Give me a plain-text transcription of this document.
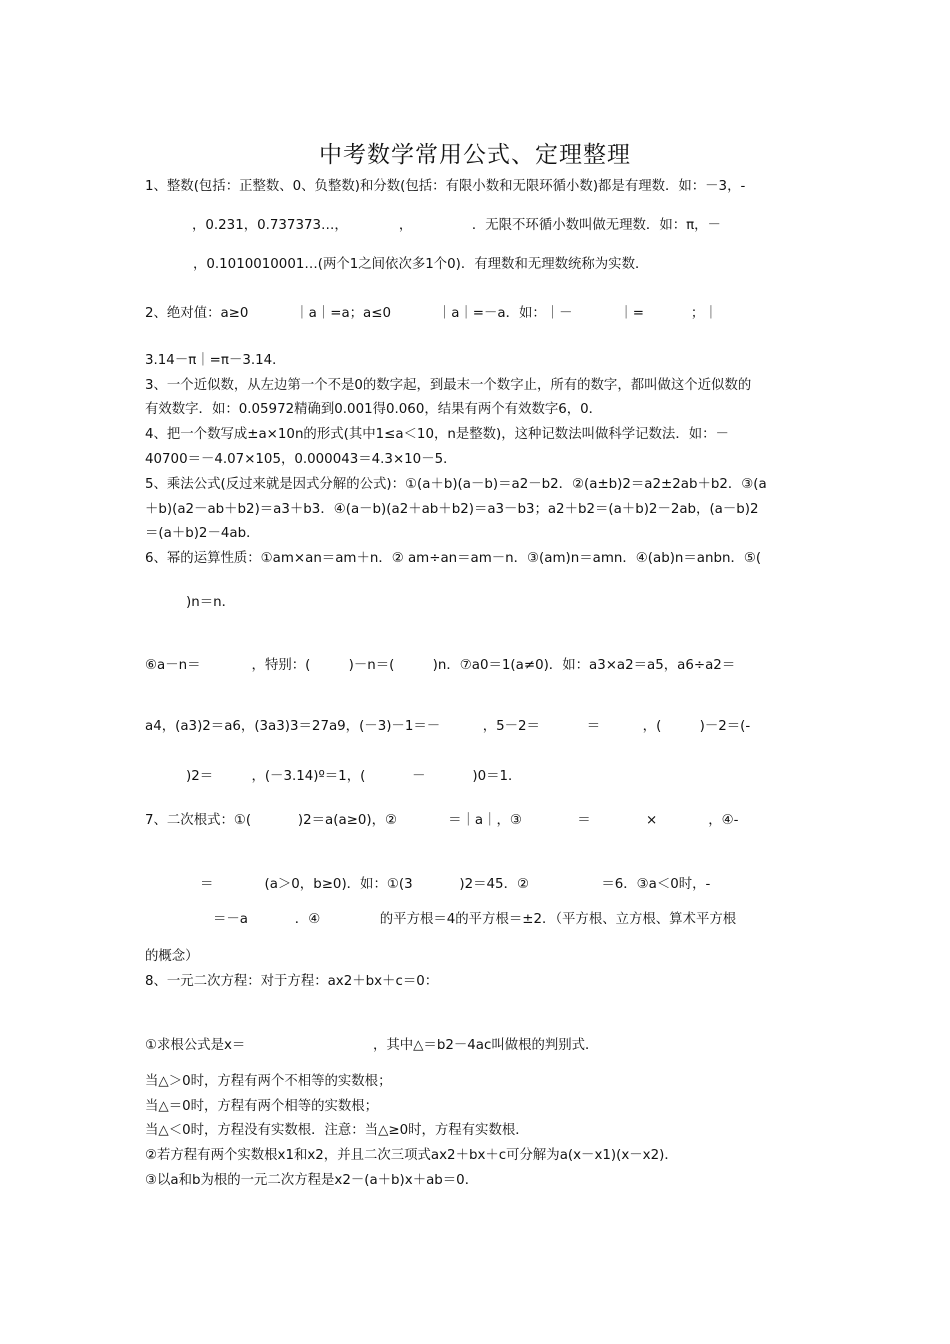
中考数学常用公式、定理整理
1、整数(包括：正整数、0、负整数)和分数(包括：有限小数和无限环循小数)都是有理数．如：－3，-
，0.231，0.737373…，            ，              ．无限不环循小数叫做无理数．如：π，－
，0.1010010001…(两个1之间依次多1个0)．有理数和无理数统称为实数．
2、绝对值：a≥0           ｜a｜=a；a≤0           ｜a｜=－a．如：｜－           ｜=           ；｜
3.14－π｜=π－3.14．
3、一个近似数，从左边第一个不是0的数字起，到最末一个数字止，所有的数字，都叫做这个近似数的
有效数字．如：0.05972精确到0.001得0.060，结果有两个有效数字6，0．
4、把一个数写成±a×10n的形式(其中1≤a＜10，n是整数)，这种记数法叫做科学记数法．如：－
40700＝－4.07×105，0.000043＝4.3×10－5．
5、乘法公式(反过来就是因式分解的公式)：①(a＋b)(a－b)＝a2－b2．②(a±b)2＝a2±2ab＋b2．③(a
＋b)(a2－ab＋b2)＝a3＋b3．④(a－b)(a2＋ab＋b2)＝a3－b3；a2＋b2＝(a＋b)2－2ab，(a－b)2
＝(a＋b)2－4ab．
6、幂的运算性质：①am×an＝am＋n．② am÷an＝am－n．③(am)n＝amn．④(ab)n＝anbn．⑤(
)n＝n．
⑥a－n＝            ，特别：(         )－n＝(         )n．⑦a0＝1(a≠0)．如：a3×a2＝a5，a6÷a2＝
a4，(a3)2＝a6，(3a3)3＝27a9，(－3)－1＝－          ，5－2＝           ＝          ，(         )－2＝(-
)2＝         ，(－3.14)º＝1，(           －           )0＝1．
7、二次根式：①(           )2＝a(a≥0)，②            ＝｜a｜，③             ＝             ×            ，④-
＝            (a＞0，b≥0)．如：①(3           )2＝45．②                 ＝6．③a＜0时，-
＝－a           ．④              的平方根＝4的平方根＝±2．（平方根、立方根、算术平方根
的概念）
8、一元二次方程：对于方程：ax2＋bx＋c＝0：
①求根公式是x＝                              ，其中△＝b2－4ac叫做根的判别式．
当△＞0时，方程有两个不相等的实数根；
当△＝0时，方程有两个相等的实数根；
当△＜0时，方程没有实数根．注意：当△≥0时，方程有实数根．
②若方程有两个实数根x1和x2，并且二次三项式ax2＋bx＋c可分解为a(x－x1)(x－x2)．
③以a和b为根的一元二次方程是x2－(a＋b)x＋ab＝0．
